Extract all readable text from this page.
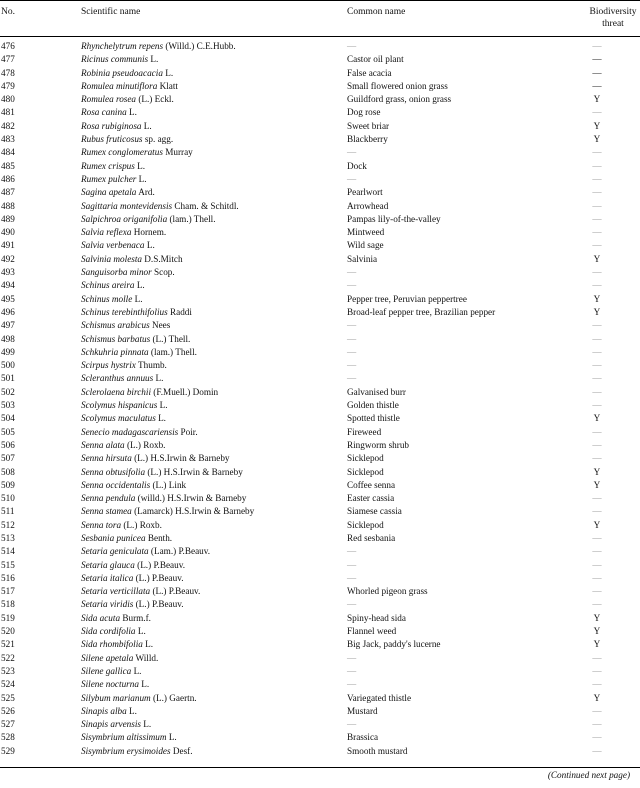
No.	Scientific name	Common name	Biodiversity threat
476	Rhynchelytrum repens (Willd.) C.E.Hubb.	—	—
477	Ricinus communis L.	Castor oil plant	—
478	Robinia pseudoacacia L.	False acacia	—
479	Romulea minutiflora Klatt	Small flowered onion grass	—
480	Romulea rosea (L.) Eckl.	Guildford grass, onion grass	Y
481	Rosa canina L.	Dog rose	—
482	Rosa rubiginosa L.	Sweet briar	Y
483	Rubus fruticosus sp. agg.	Blackberry	Y
484	Rumex conglomeratus Murray	—	—
485	Rumex crispus L.	Dock	—
486	Rumex pulcher L.	—	—
487	Sagina apetala Ard.	Pearlwort	—
488	Sagittaria montevidensis Cham. & Schitdl.	Arrowhead	—
489	Salpichroa origanifolia (lam.) Thell.	Pampas lily-of-the-valley	—
490	Salvia reflexa Hornem.	Mintweed	—
491	Salvia verbenaca L.	Wild sage	—
492	Salvinia molesta D.S.Mitch	Salvinia	Y
493	Sanguisorba minor Scop.	—	—
494	Schinus areira L.	—	—
495	Schinus molle L.	Pepper tree, Peruvian peppertree	Y
496	Schinus terebinthifolius Raddi	Broad-leaf pepper tree, Brazilian pepper	Y
497	Schismus arabicus Nees	—	—
498	Schismus barbatus (L.) Thell.	—	—
499	Schkuhria pinnata (lam.) Thell.	—	—
500	Scirpus hystrix Thumb.	—	—
501	Scleranthus annuus L.	—	—
502	Sclerolaena birchii (F.Muell.) Domin	Galvanised burr	—
503	Scolymus hispanicus L.	Golden thistle	—
504	Scolymus maculatus L.	Spotted thistle	Y
505	Senecio madagascariensis Poir.	Fireweed	—
506	Senna alata (L.) Roxb.	Ringworm shrub	—
507	Senna hirsuta (L.) H.S.Irwin & Barneby	Sicklepod	—
508	Senna obtusifolia (L.) H.S.Irwin & Barneby	Sicklepod	Y
509	Senna occidentalis (L.) Link	Coffee senna	Y
510	Senna pendula (willd.) H.S.Irwin & Barneby	Easter cassia	—
511	Senna stamea (Lamarck) H.S.Irwin & Barneby	Siamese cassia	—
512	Senna tora (L.) Roxb.	Sicklepod	Y
513	Sesbania punicea Benth.	Red sesbania	—
514	Setaria geniculata (Lam.) P.Beauv.	—	—
515	Setaria glauca (L.) P.Beauv.	—	—
516	Setaria italica (L.) P.Beauv.	—	—
517	Setaria verticillata (L.) P.Beauv.	Whorled pigeon grass	—
518	Setaria viridis (L.) P.Beauv.	—	—
519	Sida acuta Burm.f.	Spiny-head sida	Y
520	Sida cordifolia L.	Flannel weed	Y
521	Sida rhombifolia L.	Big Jack, paddy's lucerne	Y
522	Silene apetala Willd.	—	—
523	Silene gallica L.	—	—
524	Silene nocturna L.	—	—
525	Silybum marianum (L.) Gaertn.	Variegated thistle	Y
526	Sinapis alba L.	Mustard	—
527	Sinapis arvensis L.	—	—
528	Sisymbrium altissimum L.	Brassica	—
529	Sisymbrium erysimoides Desf.	Smooth mustard	—
(Continued next page)
